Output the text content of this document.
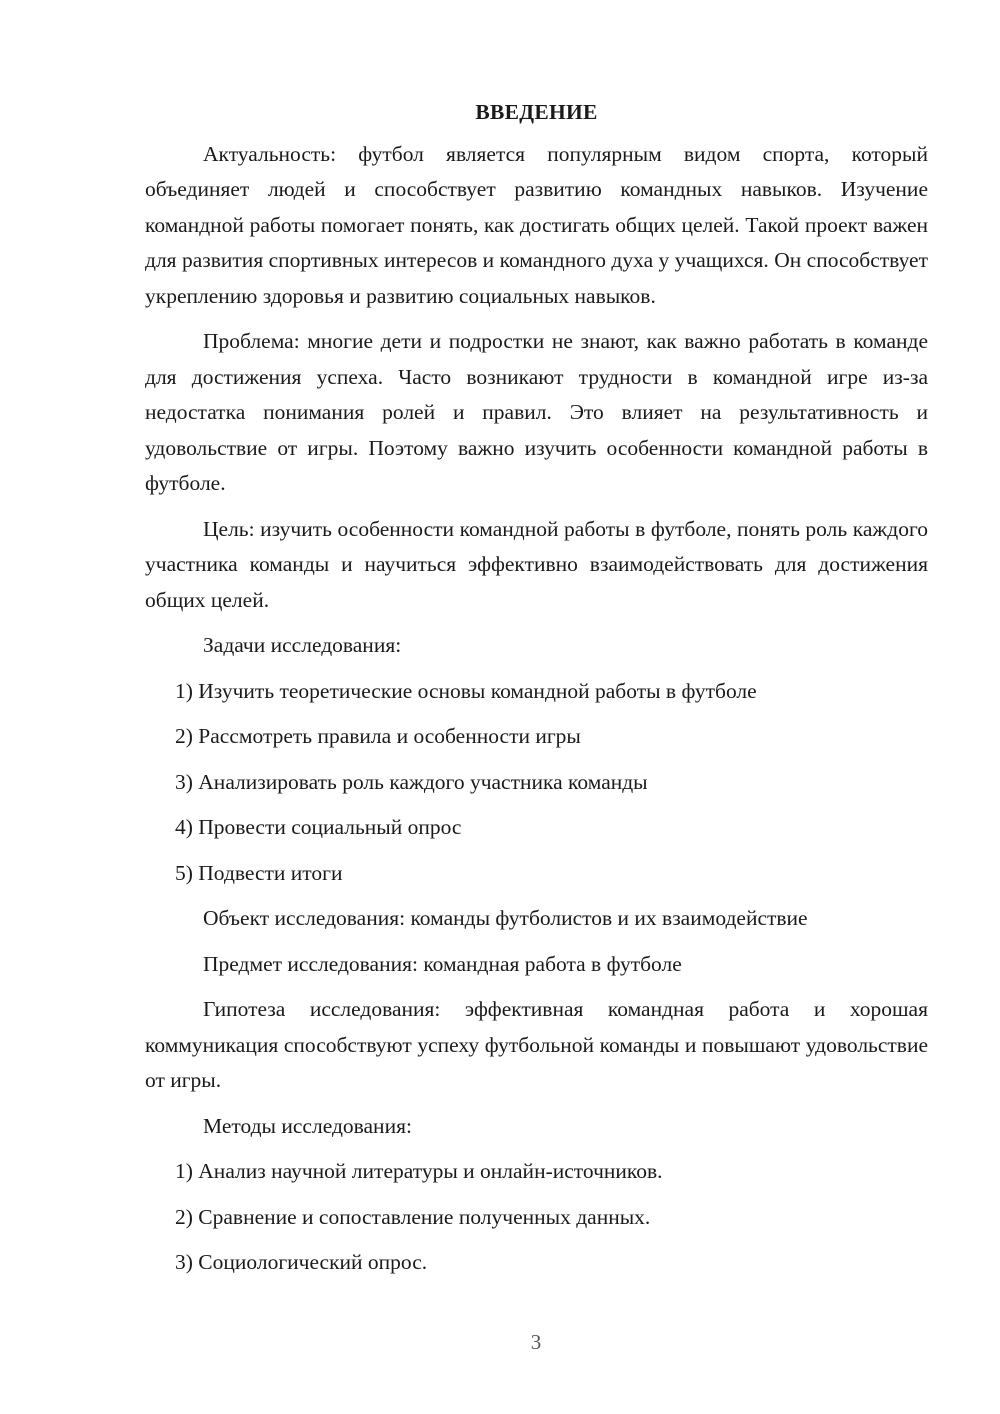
ВВЕДЕНИЕ

Актуальность: футбол является популярным видом спорта, который объединяет людей и способствует развитию командных навыков. Изучение командной работы помогает понять, как достигать общих целей. Такой проект важен для развития спортивных интересов и командного духа у учащихся. Он способствует укреплению здоровья и развитию социальных навыков.

Проблема: многие дети и подростки не знают, как важно работать в команде для достижения успеха. Часто возникают трудности в командной игре из-за недостатка понимания ролей и правил. Это влияет на результативность и удовольствие от игры. Поэтому важно изучить особенности командной работы в футболе.

Цель: изучить особенности командной работы в футболе, понять роль каждого участника команды и научиться эффективно взаимодействовать для достижения общих целей.

Задачи исследования:
1) Изучить теоретические основы командной работы в футболе
2) Рассмотреть правила и особенности игры
3) Анализировать роль каждого участника команды
4) Провести социальный опрос
5) Подвести итоги
Объект исследования: команды футболистов и их взаимодействие
Предмет исследования: командная работа в футболе

Гипотеза исследования: эффективная командная работа и хорошая коммуникация способствуют успеху футбольной команды и повышают удовольствие от игры.

Методы исследования:
1) Анализ научной литературы и онлайн-источников.
2) Сравнение и сопоставление полученных данных.
3) Социологический опрос.
3
